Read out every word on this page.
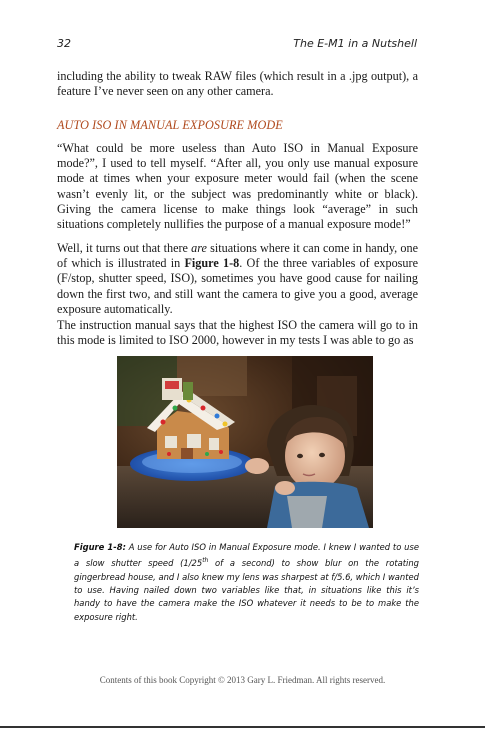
32	The E-M1 in a Nutshell

including the ability to tweak RAW files (which result in a .jpg output), a feature I’ve never seen on any other camera.

AUTO ISO IN MANUAL EXPOSURE MODE

“What could be more useless than Auto ISO in Manual Exposure mode?”, I used to tell myself. “After all, you only use manual exposure mode at times when your exposure meter would fail (when the scene wasn’t evenly lit, or the subject was predominantly white or black). Giving the camera license to make things look “average” in such situations completely nullifies the purpose of a manual exposure mode!”

Well, it turns out that there are situations where it can come in handy, one of which is illustrated in Figure 1-8. Of the three variables of exposure (F/stop, shutter speed, ISO), sometimes you have good cause for nailing down the first two, and still want the camera to give you a good, average exposure automatically.

The instruction manual says that the highest ISO the camera will go to in this mode is limited to ISO 2000, however in my tests I was able to go as

Figure 1-8: A use for Auto ISO in Manual Exposure mode. I knew I wanted to use a slow shutter speed (1/25th of a second) to show blur on the rotating gingerbread house, and I also knew my lens was sharpest at f/5.6, which I wanted to use. Having nailed down two variables like that, in situations like this it’s handy to have the camera make the ISO whatever it needs to be to make the exposure right.
Contents of this book Copyright © 2013 Gary L. Friedman. All rights reserved.
